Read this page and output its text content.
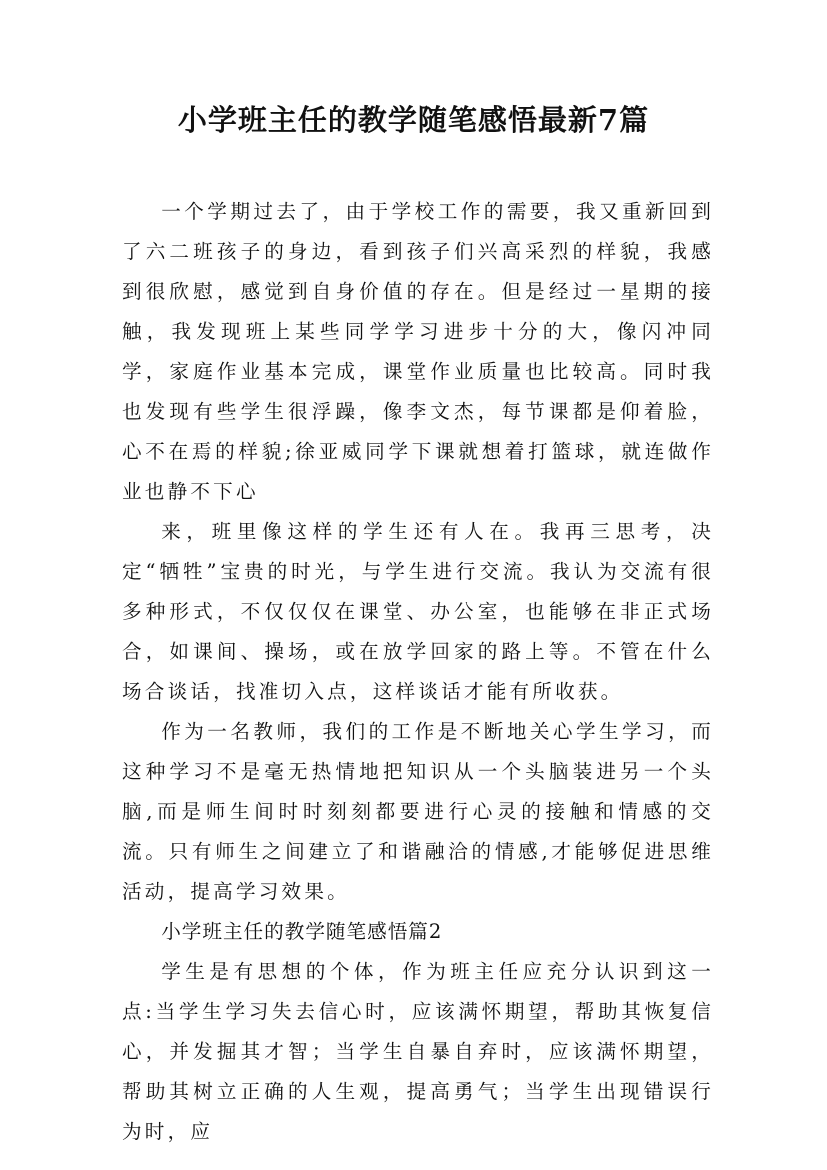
小学班主任的教学随笔感悟最新7篇

一个学期过去了，由于学校工作的需要，我又重新回到了六二班孩子的身边，看到孩子们兴高采烈的样貌，我感到很欣慰，感觉到自身价值的存在。但是经过一星期的接触，我发现班上某些同学学习进步十分的大，像闪冲同学，家庭作业基本完成，课堂作业质量也比较高。同时我也发现有些学生很浮躁，像李文杰，每节课都是仰着脸，心不在焉的样貌;徐亚威同学下课就想着打篮球，就连做作业也静不下心

来，班里像这样的学生还有人在。我再三思考，决定“牺牲”宝贵的时光，与学生进行交流。我认为交流有很多种形式，不仅仅仅在课堂、办公室，也能够在非正式场合，如课间、操场，或在放学回家的路上等。不管在什么场合谈话，找准切入点，这样谈话才能有所收获。

作为一名教师，我们的工作是不断地关心学生学习，而这种学习不是毫无热情地把知识从一个头脑装进另一个头脑,而是师生间时时刻刻都要进行心灵的接触和情感的交流。只有师生之间建立了和谐融洽的情感,才能够促进思维活动，提高学习效果。

小学班主任的教学随笔感悟篇2

学生是有思想的个体，作为班主任应充分认识到这一点:当学生学习失去信心时，应该满怀期望，帮助其恢复信心，并发掘其才智；当学生自暴自弃时，应该满怀期望，帮助其树立正确的人生观，提高勇气；当学生出现错误行为时，应
